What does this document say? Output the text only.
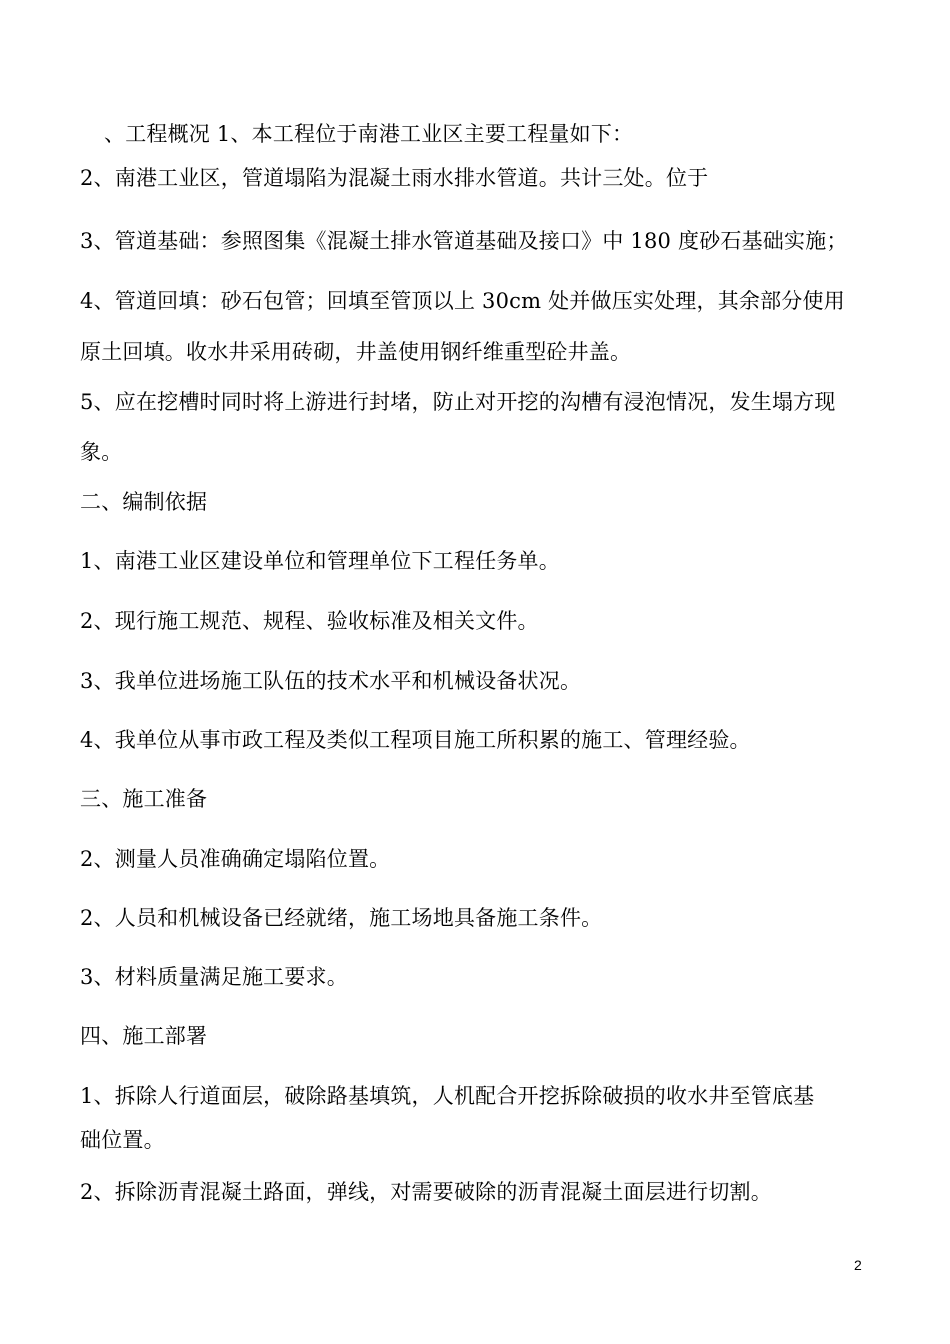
、工程概况 1、本工程位于南港工业区主要工程量如下：
2、南港工业区，管道塌陷为混凝土雨水排水管道。共计三处。位于
3、管道基础：参照图集《混凝土排水管道基础及接口》中 180 度砂石基础实施；
4、管道回填：砂石包管；回填至管顶以上 30cm 处并做压实处理，其余部分使用
原土回填。收水井采用砖砌，井盖使用钢纤维重型砼井盖。
5、应在挖槽时同时将上游进行封堵，防止对开挖的沟槽有浸泡情况，发生塌方现
象。
二、编制依据
1、南港工业区建设单位和管理单位下工程任务单。
2、现行施工规范、规程、验收标准及相关文件。
3、我单位进场施工队伍的技术水平和机械设备状况。
4、我单位从事市政工程及类似工程项目施工所积累的施工、管理经验。
三、施工准备
2、测量人员准确确定塌陷位置。
2、人员和机械设备已经就绪，施工场地具备施工条件。
3、材料质量满足施工要求。
四、施工部署
1、拆除人行道面层，破除路基填筑，人机配合开挖拆除破损的收水井至管底基
础位置。
2、拆除沥青混凝土路面，弹线，对需要破除的沥青混凝土面层进行切割。
2
